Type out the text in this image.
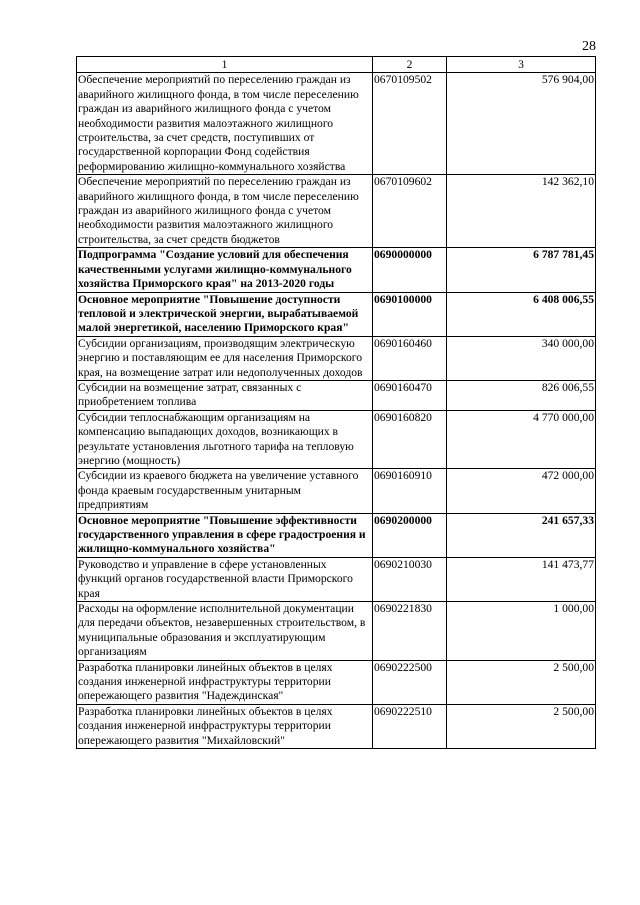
28
1	2	3
Обеспечение мероприятий по переселению граждан из аварийного жилищного фонда, в том числе переселению граждан из аварийного жилищного фонда с учетом необходимости развития малоэтажного жилищного строительства, за счет средств, поступивших от государственной корпорации Фонд содействия реформированию жилищно-коммунального хозяйства	0670109502	576 904,00
Обеспечение мероприятий по переселению граждан из аварийного жилищного фонда, в том числе переселению граждан из аварийного жилищного фонда с учетом необходимости развития малоэтажного жилищного строительства, за счет средств бюджетов	0670109602	142 362,10
Подпрограмма "Создание условий для обеспечения качественными услугами жилищно-коммунального хозяйства Приморского края" на 2013-2020 годы	0690000000	6 787 781,45
Основное мероприятие "Повышение доступности тепловой и электрической энергии, вырабатываемой малой энергетикой, населению Приморского края"	0690100000	6 408 006,55
Субсидии организациям, производящим электрическую энергию и поставляющим ее для населения Приморского края, на возмещение затрат или недополученных доходов	0690160460	340 000,00
Субсидии на возмещение затрат, связанных с приобретением топлива	0690160470	826 006,55
Субсидии теплоснабжающим организациям на компенсацию выпадающих доходов, возникающих в результате установления льготного тарифа на тепловую энергию (мощность)	0690160820	4 770 000,00
Субсидии из краевого бюджета на увеличение уставного фонда краевым государственным унитарным предприятиям	0690160910	472 000,00
Основное мероприятие "Повышение эффективности государственного управления в сфере градостроения и жилищно-коммунального хозяйства"	0690200000	241 657,33
Руководство и управление в сфере установленных функций органов государственной власти Приморского края	0690210030	141 473,77
Расходы на оформление исполнительной документации для передачи объектов, незавершенных строительством, в муниципальные образования и эксплуатирующим организациям	0690221830	1 000,00
Разработка планировки линейных объектов в целях создания инженерной инфраструктуры территории опережающего развития "Надеждинская"	0690222500	2 500,00
Разработка планировки линейных объектов в целях создания инженерной инфраструктуры территории опережающего развития "Михайловский"	0690222510	2 500,00
